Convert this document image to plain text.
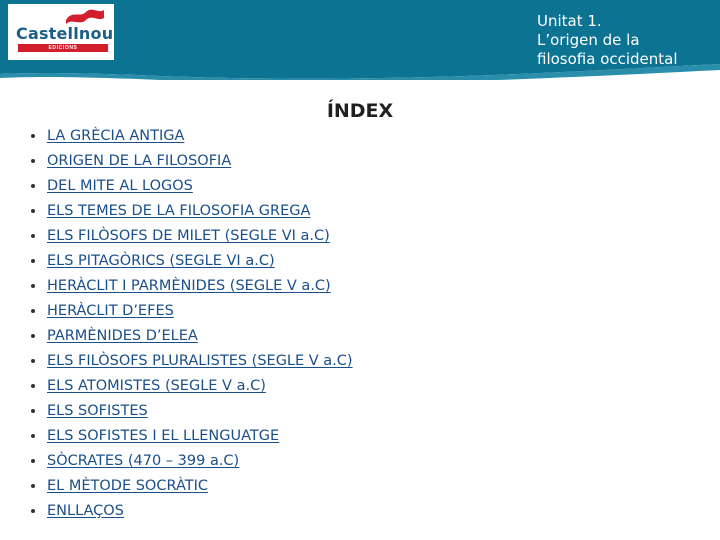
Castellnou
EDICIONS
Unitat 1.
L’origen de la
filosofia occidental
ÍNDEX
LA GRÈCIA ANTIGA
ORIGEN DE LA FILOSOFIA
DEL MITE AL LOGOS
ELS TEMES DE LA FILOSOFIA GREGA
ELS FILÒSOFS DE MILET (SEGLE VI a.C)
ELS PITAGÒRICS (SEGLE VI a.C)
HERÀCLIT I PARMÈNIDES (SEGLE V a.C)
HERÀCLIT D’EFES
PARMÈNIDES D’ELEA
ELS FILÒSOFS PLURALISTES (SEGLE V a.C)
ELS ATOMISTES (SEGLE V a.C)
ELS SOFISTES
ELS SOFISTES I EL LLENGUATGE
SÒCRATES (470 – 399 a.C)
EL MÈTODE SOCRÀTIC
ENLLAÇOS
